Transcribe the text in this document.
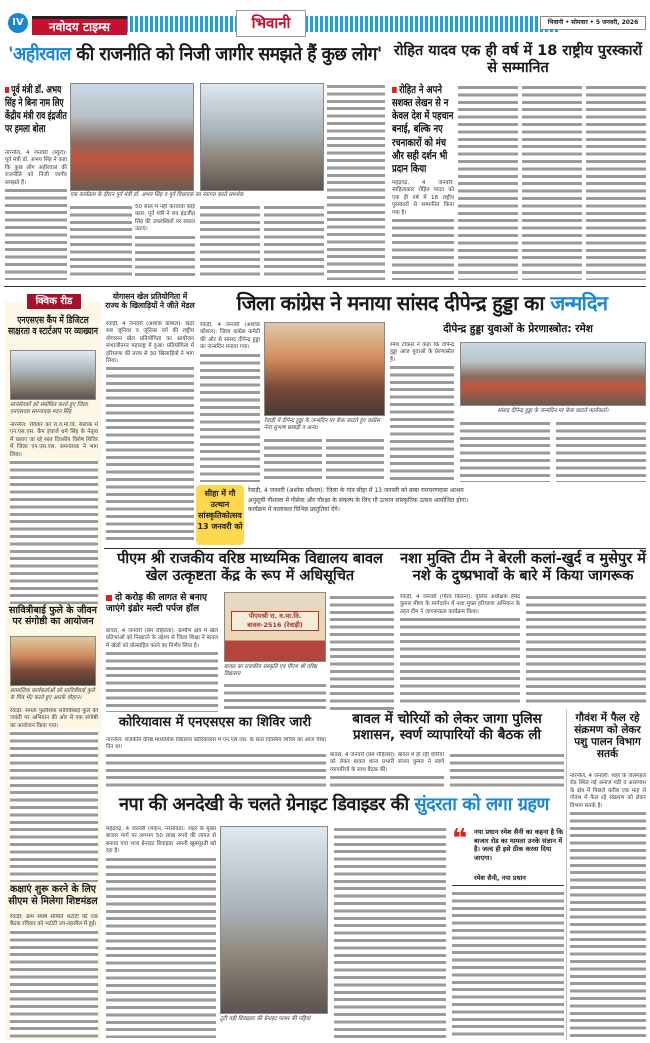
IV	नवोदय टाइम्स	भिवानी	भिवानी • सोमवार • 5 जनवरी, 2026
'अहीरवाल की राजनीति को निजी जागीर समझते हैं कुछ लोग'
पूर्व मंत्री डॉ. अभय सिंह ने बिना नाम लिए केंद्रीय मंत्री राव इंद्रजीत पर हमला बोला
नारनौल, 4 जनवरी (ब्यूरो): पूर्व मंत्री डॉ. अभय सिंह ने कहा कि कुछ लोग अहीरवाल की राजनीति को निजी जागीर समझते हैं।
एक कार्यक्रम के दौरान पूर्व मंत्री डॉ. अभय सिंह व पूर्व विधायक का स्वागत करते समर्थक
50 साल में नहीं करवाया कोई काम: पूर्व मंत्री ने राव इंद्रजीत सिंह की उपलब्धियों पर सवाल उठाए।
रोहित यादव एक ही वर्ष में 18 राष्ट्रीय पुरस्कारों से सम्मानित
रोहित ने अपने सशक्त लेखन से न केवल देश में पहचान बनाई, बल्कि नए रचनाकारों को मंच और सही दर्शन भी प्रदान किया
महेंद्रगढ़, 4 जनवरी: साहित्यकार रोहित यादव को एक ही वर्ष में 18 राष्ट्रीय पुरस्कारों से सम्मानित किया गया है।
क्विक रीड
एनएसएस कैंप में डिजिटल साक्षरता व स्टार्टअप पर व्याख्यान
स्वयंसेवकों को संबोधित करते हुए जिला एनएसएस समन्वयक मदन सिंह
नारनौल: रविवार को रा.व.मा.वि. सैलाक में एन.एस.एस. कैंप इंचार्ज धर्म सिंह के नेतृत्व में चलाए जा रहे सात दिवसीय विशेष शिविर में जिला एन.एस.एस. समन्वयक ने भाग लिया।
सावित्रीबाई फुले के जीवन पर संगोष्ठी का आयोजन
सामाजिक कार्यकर्ताओं को सावित्रीबाई फुले के चित्र भेंट करते हुए आरके चौहान।
रेवाड़ी: समता फुलेशिया सावित्रीबाई फुले की जयंती पर अभियान की ओर से एक संगोष्ठी का आयोजन किया गया।
कक्षाएं शुरू करने के लिए सीएम से मिलेगा शिष्टमंडल
रेवाड़ी: ग्राम संघर्ष समिति भटोटी की एक बैठक रविवार को भटोटी उप-तहसील में हुई।
योगासन खेल प्रतियोगिता में राज्य के खिलाड़ियों ने जीते मेडल
रेवाड़ी, 4 जनवरी (अशोक कौशल): छठी सब जूनियर व जूनियर वर्ग की राष्ट्रीय योगासन खेल प्रतियोगिता का आयोजन संभाजीनगर महाराष्ट्र में हुआ। प्रतियोगिता में हरियाणा की तरफ से 30 खिलाड़ियों ने भाग लिया।
जिला कांग्रेस ने मनाया सांसद दीपेन्द्र हुड्डा का जन्मदिन
रेवाड़ी, 4 जनवरी (अशोक कौशल): जिला कांग्रेस कमेटी की ओर से सांसद दीपेन्द्र हुड्डा का जन्मदिन मनाया गया।
रेवाड़ी में दीपेन्द्र हुड्डा के जन्मदिन पर केक काटते हुए कांग्रेस नेता सुभाष छाबड़ी व अन्य।
दीपेन्द्र हुड्डा युवाओं के प्रेरणास्त्रोत: रमेश
रमेश टोकस ने कहा कि दीपेन्द्र हुड्डा आज युवाओं के प्रेरणास्रोत हैं।
सांसद दीपेन्द्र हुड्डा के जन्मदिन पर केक काटते कार्यकर्ता।
सीहा में गौ उत्थान सांस्कृतिकोत्सव 13 जनवरी को
रेवाड़ी, 4 जनवरी (अशोक कौशल): जिला के गांव सीहा में 13 जनवरी को बाबा रामचरणदास आश्रम अनुसूची गौशाला में गौसेवा और गौरक्षा के संकल्प के लिए गौ उत्थान सांस्कृतिक उत्सव आयोजित होगा। कार्यक्रम में कलाकार विभिन्न प्रस्तुतियां देंगे।
पीएम श्री राजकीय वरिष्ठ माध्यमिक विद्यालय बावल खेल उत्कृष्टता केंद्र के रूप में अधिसूचित
दो करोड़ की लागत से बनाए जाएंगे इंडोर मल्टी पर्पज हॉल
बावल, 4 जनवरी (प्रेम रोहिल्ला): ग्रामीण क्षेत्र में खेल प्रतिभाओं को निखारने के उद्देश्य से जिला शिक्षा ने बावल में खेलों को प्रोत्साहित करने का निर्णय लिया है।
पीएमश्री रा. व.मा.वि. बावल-2516 (रेवाड़ी)
बावल का राजकीय संस्कृति एवं पीएम श्री वरिष्ठ विद्यालय
नशा मुक्ति टीम ने बेरली कलां-खुर्द व मुसेपुर में नशे के दुष्प्रभावों के बारे में किया जागरूक
रेवाड़ी, 4 जनवरी (गौरव कितना): पुलिस अधीक्षक हेमेंद्र कुमार मीणा के मार्गदर्शन में नशा मुक्त हरियाणा अभियान के तहत टीम ने जागरूकता कार्यक्रम किया।
कोरियावास में एनएसएस का शिविर जारी
नारनौल: राजकीय वरिष्ठ माध्यमिक विद्यालय कोरियावास में एन.एस.एस. के सात दिवसीय शिविर का आज चौथा दिन था।
बावल में चोरियों को लेकर जागा पुलिस प्रशासन, स्वर्ण व्यापारियों की बैठक ली
बावल, 4 जनवरी (प्रेम रोहिल्ला): बावल में हो रही चोरियों को लेकर बावल थाना प्रभारी संजय कुमार ने स्वर्ण व्यापारियों के साथ बैठक की।
गौवंश में फैल रहे संक्रमण को लेकर पशु पालन विभाग सतर्क
नारनौल, 4 जनवरी: शहर के जलमहल रोड स्थित नई अनाज मंडी व आसपास के क्षेत्र में पिछले करीब एक माह से गोवंश में फैल रहे संक्रमण को लेकर विभाग सतर्क है।
नपा की अनदेखी के चलते ग्रेनाइट डिवाइडर की सुंदरता को लगा ग्रहण
महेंद्रगढ़, 4 जनवरी (मोहन, नरसावत): शहर के मुख्य बाजार मार्ग पर लगभग 50 लाख रुपये की लागत से बनाया गया भव्य ग्रेनाइट डिवाइडर अपनी खूबसूरती खो रहा है।
टूटी पड़ी डिवाइडर की ग्रेनाइट पत्थर की पट्टियां
❝ नया प्रधान रमेश सैनी का कहना है कि बाजार रोड का मामला उनके संज्ञान में है। जल्द ही इसे ठीक करवा दिया जाएगा।
रमेश सैनी, नपा प्रधान
